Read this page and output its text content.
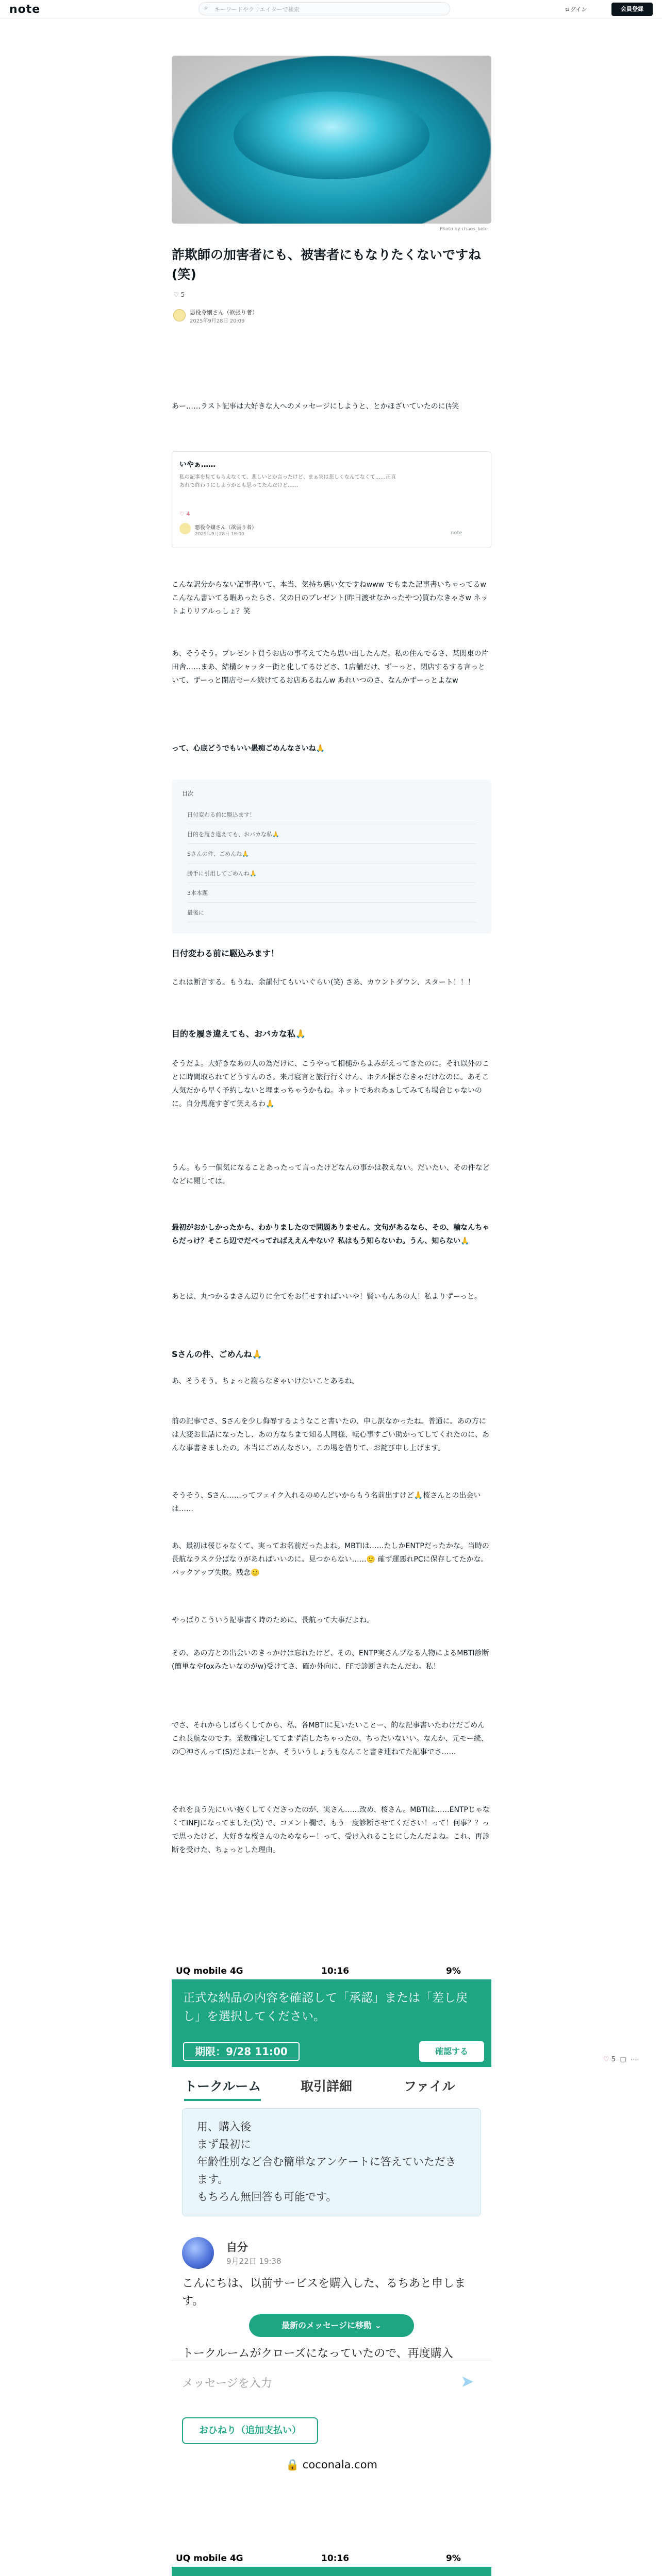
note	⌕ キーワードやクリエイターで検索	ログイン	会員登録
Photo by chaos_hole
詐欺師の加害者にも、被害者にもなりたくないですね(笑)
♡ 5
悪役令嬢さん（欲張り者）
2025年9月28日 20:09

あー……ラスト記事は大好きな人へのメッセージにしようと、とかほざいていたのに(ｷ笑

いやぁ……
私の記事を見てもらえなくて、悲しいとか言ったけど、まぁ実は悲しくなんてなくて……正直あれで終わりにしようかとも思ってたんだけど……
♡ 4
悪役令嬢さん（欲張り者）
2025年9月28日 18:00	note

こんな訳分からない記事書いて、本当、気持ち悪い女ですねwww でもまた記事書いちゃってるw こんなん書いてる暇あったらさ、父の日のプレゼント(昨日渡せなかったやつ)買わなきゃさw ネットよりリアルっしょ？笑

あ、そうそう。プレゼント買うお店の事考えてたら思い出したんだ。私の住んでるさ、某関東の片田舎……まあ、結構シャッター街と化してるけどさ、1店舗だけ、ずーっと、閉店するする言っといて、ずーっと閉店セール続けてるお店あるねんw あれいつのさ、なんかずーっとよなw

って、心底どうでもいい愚痴ごめんなさいね🙏

目次
日付変わる前に駆込ます！
目的を履き違えても、おバカな私🙏
Sさんの件、ごめんね🙏
勝手に引用してごめんね🙏
3本本題
最後に

日付変わる前に駆込みます！

これは断言する。もうね、余韻付てもいいぐらい(笑) さあ、カウントダウン、スタート！！！

目的を履き違えても、おバカな私🙏

そうだよ。大好きなあの人の為だけに、こうやって相槌からよみがえってきたのに。それ以外のことに時間取られてどうすんのさ。来月寝言と旅行行くけん、ホテル探さなきゃだけなのに。あそこ人気だから早く予約しないと埋まっちゃうかもね。ネットであれあぁしてみても場合じゃないのに。自分馬鹿すぎて笑えるわ🙏

うん。もう一個気になることあったって言ったけどなんの事かは教えない。だいたい、その件などなどに閲しては。

最初がおかしかったから、わかりましたので問題ありません。文句があるなら、その、輸なんちゃらだっけ？そこら辺でだべってればええんやない？私はもう知らないわ。うん、知らない🙏

あとは、丸つかるまさん辺りに全てをお任せすればいいや！賢いもんあの人！私よりずーっと。

Sさんの件、ごめんね🙏

あ、そうそう。ちょっと謝らなきゃいけないことあるね。

前の記事でさ、Sさんを少し侮辱するようなこと書いたの、申し訳なかったね。普通に。あの方には大変お世話になったし、あの方ならまで知る人同様、転心事すごい助かってしてくれたのに、あんな事書きましたの。本当にごめんなさい。この場を借りて、お詫び申し上げます。

そうそう、Sさん……ってフェイク入れるのめんどいからもう名前出すけど🙏桜さんとの出会いは……

あ、最初は桜じゃなくて、実ってお名前だったよね。MBTIは……たしかENTPだったかな。当時の長航なラスク分ばなりがあればいいのに。見つからない……🙂 確ず運悪れPCに保存してたかな。バックアップ失敗。残念🙂

やっぱりこういう記事書く時のために、長航って大事だよね。

その、あの方との出会いのきっかけは忘れたけど、その、ENTP実さんプなる人物によるMBTI診断(簡単なやfoxみたいなのがw)受けてさ、確か外向に、FFで診断されたんだわ。私！

でさ、それからしばらくしてから、私、各MBTIに見いたいことー、的な記事書いたわけだごめんこれ長航なのです。業数確定しててまず消したちゃったの、ちったいないい。なんか、元モー続、の〇神さんって(S)だよねーとか、そういうしょうもなんこと書き連ねてた記事でさ……

それを良う先にいい抱くしてくださったのが、実さん……改め、桜さん。MBTIは……ENTPじゃなくてINFJになってました(笑) で、コメント欄で、もう一度診断させてください！って！何事？？っで思ったけど、大好きな桜さんのためならー！って、受け入れることにしたんだよね。これ、再診断を受けた、ちょっとした理由。

♡ 5 ▢ ⋯
UQ mobile 4G	10:16	9%
正式な納品の内容を確認して「承認」または「差し戻し」を選択してください。
期限：9/28 11:00	確認する
トークルーム	取引詳細	ファイル
用、購入後
まず最初に
年齢性別など合む簡単なアンケートに答えていただきます。
もちろん無回答も可能です。
自分
9月22日 19:38
こんにちは、以前サービスを購入した、るちあと申します。
最新のメッセージに移動 ⌄
トークルームがクローズになっていたので、再度購入
メッセージを入力	➤
おひねり（追加支払い）
🔒 coconala.com
UQ mobile 4G	10:16	9%
